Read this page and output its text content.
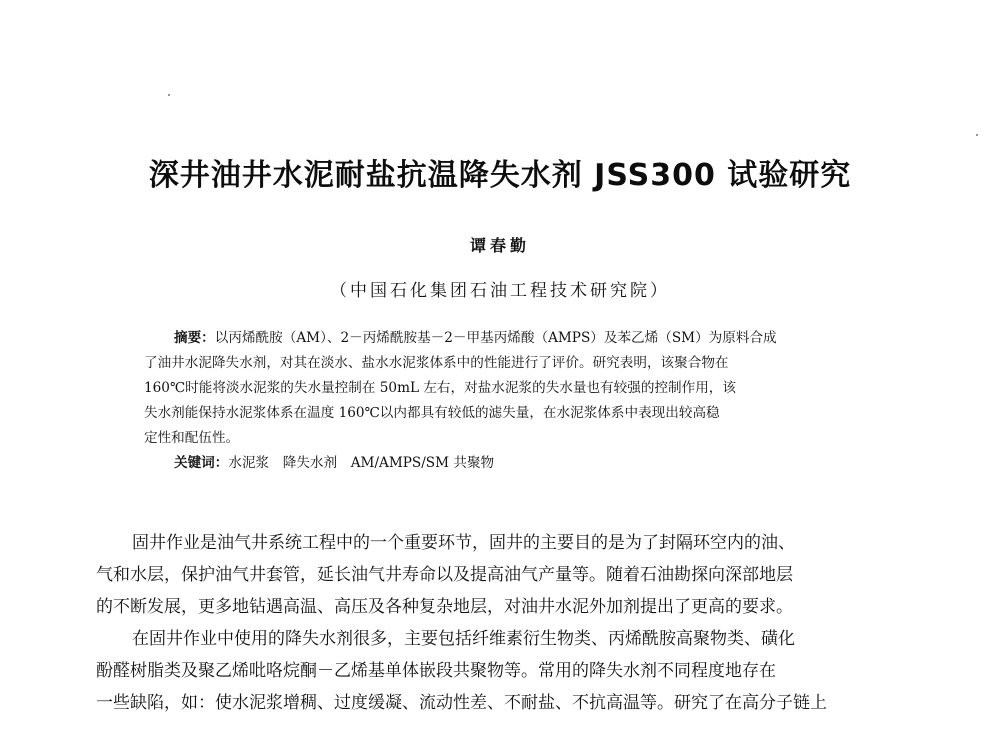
深井油井水泥耐盐抗温降失水剂 JSS300 试验研究
谭春勤
（中国石化集团石油工程技术研究院）
摘要：以丙烯酰胺（AM）、2－丙烯酰胺基－2－甲基丙烯酸（AMPS）及苯乙烯（SM）为原料合成
了油井水泥降失水剂，对其在淡水、盐水水泥浆体系中的性能进行了评价。研究表明，该聚合物在
160℃时能将淡水泥浆的失水量控制在 50mL 左右，对盐水泥浆的失水量也有较强的控制作用，该
失水剂能保持水泥浆体系在温度 160℃以内都具有较低的滤失量，在水泥浆体系中表现出较高稳
定性和配伍性。
关键词：水泥浆　降失水剂　AM/AMPS/SM 共聚物
固井作业是油气井系统工程中的一个重要环节，固井的主要目的是为了封隔环空内的油、
气和水层，保护油气井套管，延长油气井寿命以及提高油气产量等。随着石油勘探向深部地层
的不断发展，更多地钻遇高温、高压及各种复杂地层，对油井水泥外加剂提出了更高的要求。
在固井作业中使用的降失水剂很多，主要包括纤维素衍生物类、丙烯酰胺高聚物类、磺化
酚醛树脂类及聚乙烯吡咯烷酮－乙烯基单体嵌段共聚物等。常用的降失水剂不同程度地存在
一些缺陷，如：使水泥浆增稠、过度缓凝、流动性差、不耐盐、不抗高温等。研究了在高分子链上
